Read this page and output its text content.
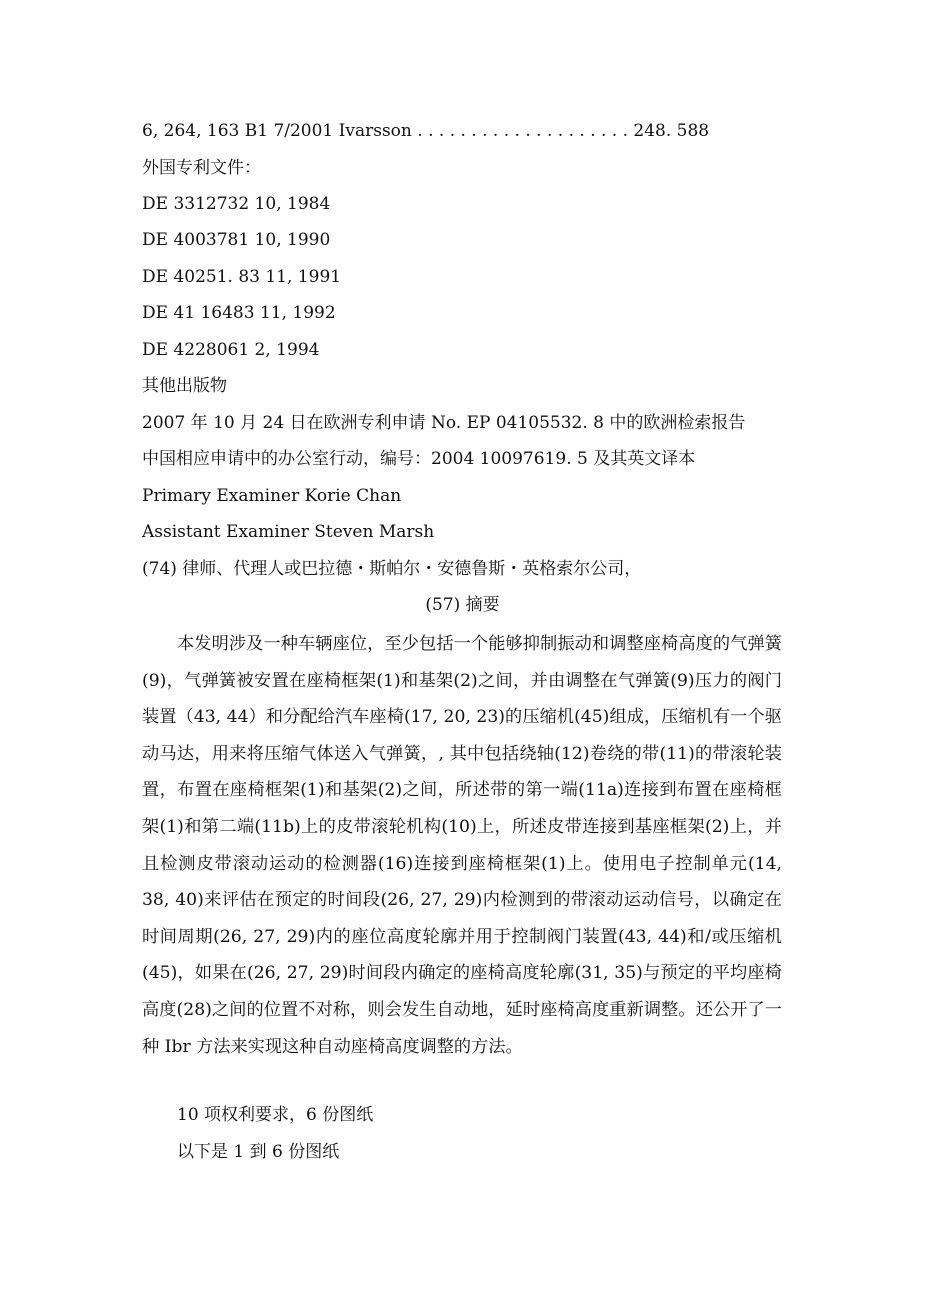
6, 264, 163 B1 7/2001 Ivarsson . . . . . . . . . . . . . . . . . . . . 248. 588
外国专利文件：
DE 3312732 10, 1984
DE 4003781 10, 1990
DE 40251. 83 11, 1991
DE 41 16483 11, 1992
DE 4228061 2, 1994
其他出版物
2007 年 10 月 24 日在欧洲专利申请 No. EP 04105532. 8 中的欧洲检索报告
中国相应申请中的办公室行动，编号：2004 10097619. 5 及其英文译本
Primary Examiner Korie Chan
Assistant Examiner Steven Marsh
(74) 律师、代理人或巴拉德・斯帕尔・安德鲁斯・英格索尔公司，
(57) 摘要

本发明涉及一种车辆座位，至少包括一个能够抑制振动和调整座椅高度的气弹簧(9)，气弹簧被安置在座椅框架(1)和基架(2)之间，并由调整在气弹簧(9)压力的阀门装置（43, 44）和分配给汽车座椅(17, 20, 23)的压缩机(45)组成，压缩机有一个驱动马达，用来将压缩气体送入气弹簧，, 其中包括绕轴(12)卷绕的带(11)的带滚轮装置，布置在座椅框架(1)和基架(2)之间，所述带的第一端(11a)连接到布置在座椅框架(1)和第二端(11b)上的皮带滚轮机构(10)上，所述皮带连接到基座框架(2)上，并且检测皮带滚动运动的检测器(16)连接到座椅框架(1)上。使用电子控制单元(14, 38, 40)来评估在预定的时间段(26, 27, 29)内检测到的带滚动运动信号，以确定在时间周期(26, 27, 29)内的座位高度轮廓并用于控制阀门装置(43, 44)和/或压缩机(45)，如果在(26, 27, 29)时间段内确定的座椅高度轮廓(31, 35)与预定的平均座椅高度(28)之间的位置不对称，则会发生自动地，延时座椅高度重新调整。还公开了一种 Ibr 方法来实现这种自动座椅高度调整的方法。

10 项权利要求，6 份图纸
以下是 1 到 6 份图纸
